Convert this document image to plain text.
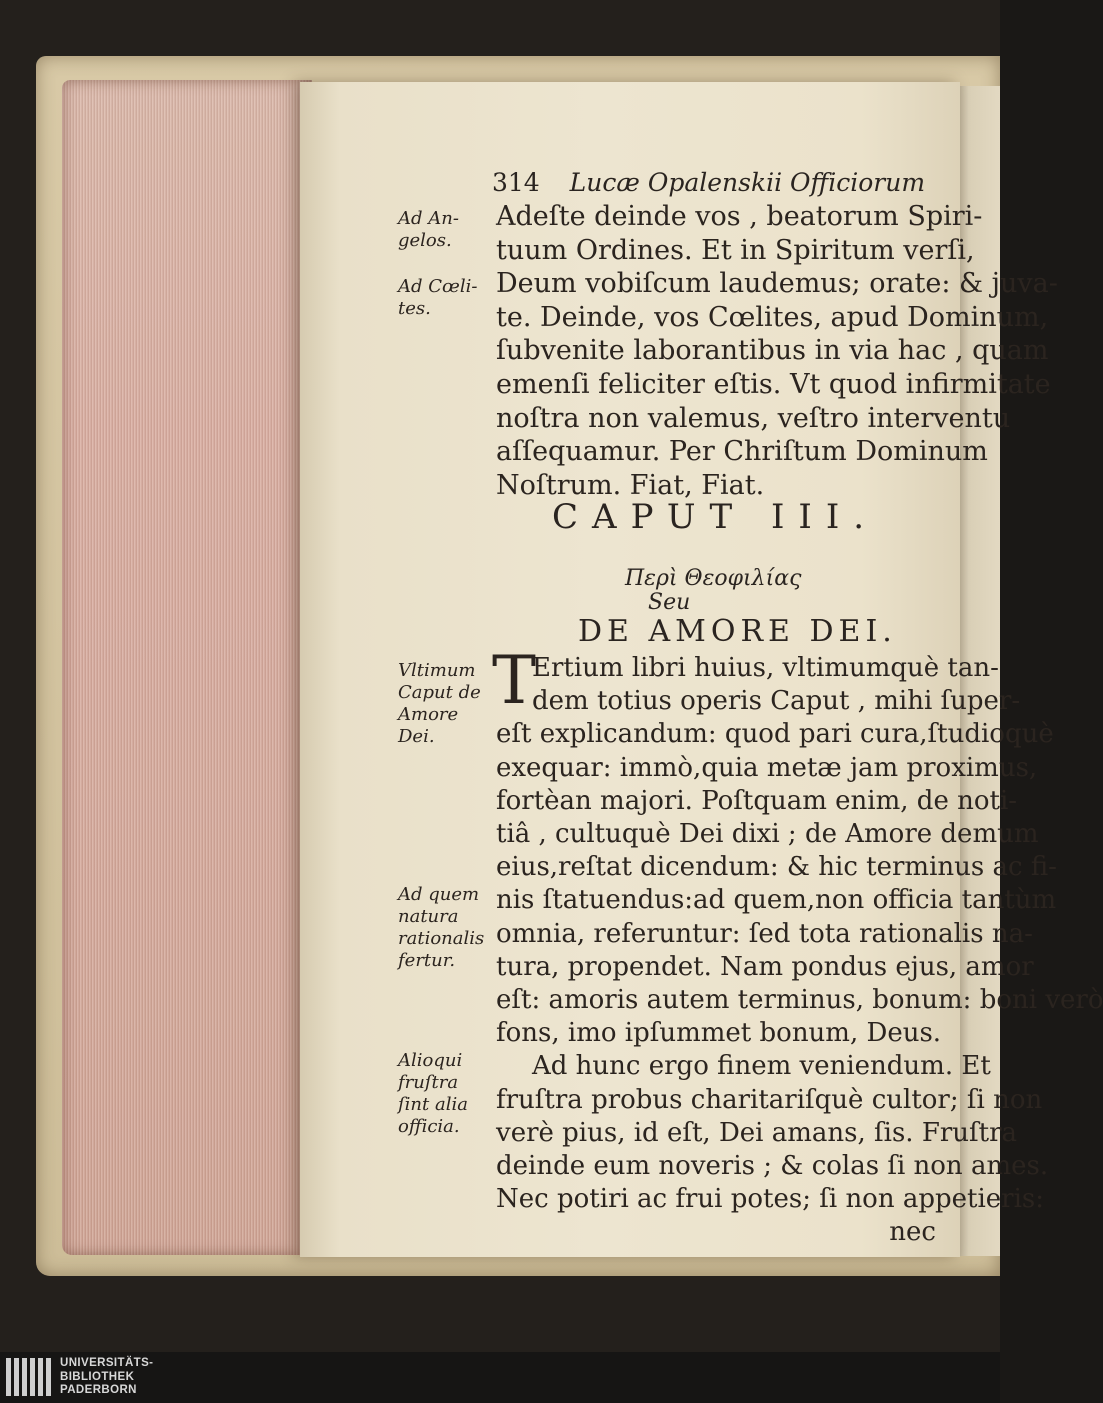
314 Lucæ Opalenskii Officiorum
Adeſte deinde vos , beatorum Spiri-
tuum Ordines. Et in Spiritum verſi,
Deum vobiſcum laudemus; orate: & juva-
te. Deinde, vos Cœlites, apud Dominum,
ſubvenite laborantibus in via hac , quam
emenſi feliciter eſtis. Vt quod infirmitate
noſtra non valemus, veſtro interventu
aſſequamur. Per Chriſtum Dominum
Noſtrum. Fiat, Fiat.
CAPUT III.
Περὶ Θεοφιλίας
Seu
DE AMORE DEI.
T
Ertium libri huius, vltimumquè tan-
dem totius operis Caput , mihi ſuper-
eſt explicandum: quod pari cura,ſtudioquè
exequar: immò,quia metæ jam proximus,
fortèan majori. Poſtquam enim, de noti-
tiâ , cultuquè Dei dixi ; de Amore demum
eius,reſtat dicendum: & hic terminus ac fi-
nis ſtatuendus:ad quem,non officia tantùm
omnia, referuntur: ſed tota rationalis na-
tura, propendet. Nam pondus ejus, amor
eſt: amoris autem terminus, bonum: boni verò
fons, imo ipſummet bonum, Deus.
Ad hunc ergo finem veniendum. Et
fruſtra probus charitariſquè cultor; ſi non
verè pius, id eſt, Dei amans, ſis. Fruſtra
deinde eum noveris ; & colas ſi non ames.
Nec potiri ac frui potes; ſi non appetieris:
nec
Ad An-
gelos.
Ad Cœli-
tes.
Vltimum
Caput de
Amore
Dei.
Ad quem
natura
rationalis
fertur.
Alioqui
fruſtra
ſint alia
officia.
UNIVERSITÄTS-
BIBLIOTHEK
PADERBORN
